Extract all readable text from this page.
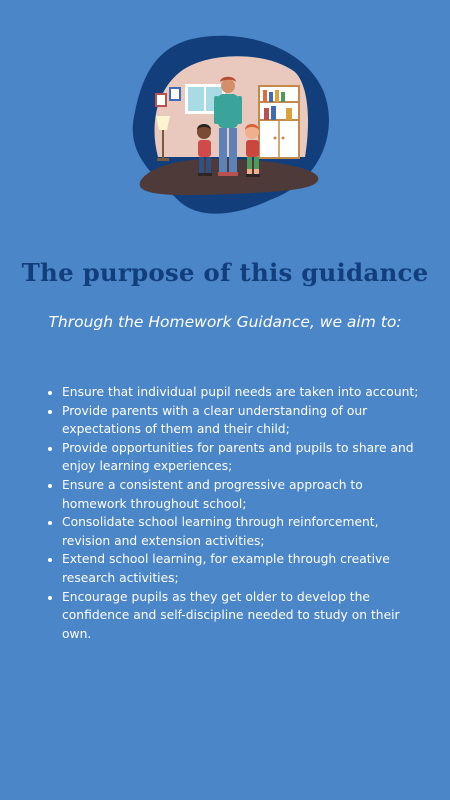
The purpose of this guidance
Through the Homework Guidance, we aim to:
• Ensure that individual pupil needs are taken into account;
• Provide parents with a clear understanding of our expectations of them and their child;
• Provide opportunities for parents and pupils to share and enjoy learning experiences;
• Ensure a consistent and progressive approach to homework throughout school;
• Consolidate school learning through reinforcement, revision and extension activities;
• Extend school learning, for example through creative research activities;
• Encourage pupils as they get older to develop the confidence and self-discipline needed to study on their own.
